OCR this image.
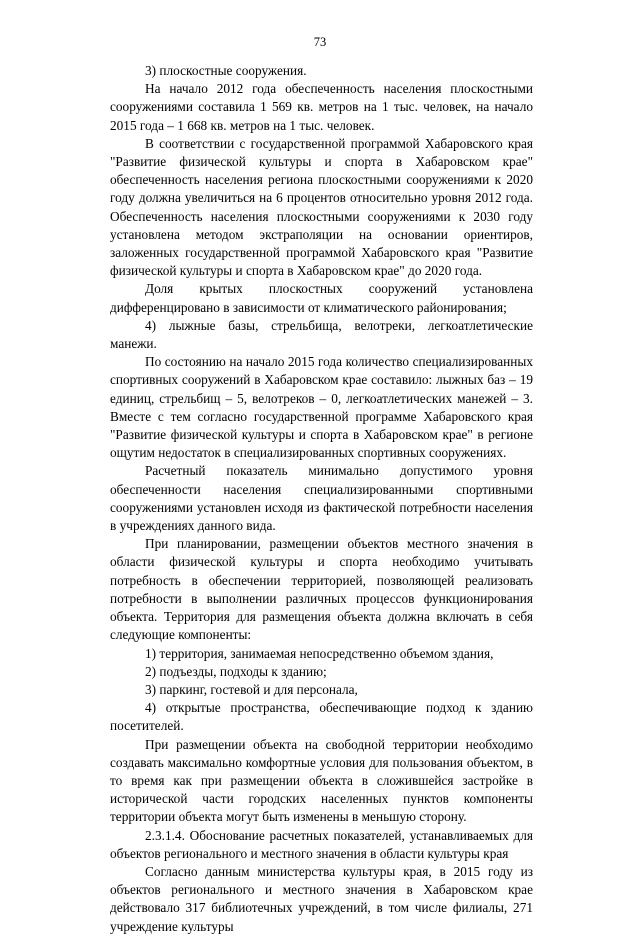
73

3) плоскостные сооружения.

На начало 2012 года обеспеченность населения плоскостными сооружениями составила 1 569 кв. метров на 1 тыс. человек, на начало 2015 года – 1 668 кв. метров на 1 тыс. человек.

В соответствии с государственной программой Хабаровского края "Развитие физической культуры и спорта в Хабаровском крае" обеспеченность населения региона плоскостными сооружениями к 2020 году должна увеличиться на 6 процентов относительно уровня 2012 года. Обеспеченность населения плоскостными сооружениями к 2030 году установлена методом экстраполяции на основании ориентиров, заложенных государственной программой Хабаровского края "Развитие физической культуры и спорта в Хабаровском крае" до 2020 года.

Доля крытых плоскостных сооружений установлена дифференцировано в зависимости от климатического районирования;

4) лыжные базы, стрельбища, велотреки, легкоатлетические манежи.

По состоянию на начало 2015 года количество специализированных спортивных сооружений в Хабаровском крае составило: лыжных баз – 19 единиц, стрельбищ – 5, велотреков – 0, легкоатлетических манежей – 3. Вместе с тем согласно государственной программе Хабаровского края "Развитие физической культуры и спорта в Хабаровском крае" в регионе ощутим недостаток в специализированных спортивных сооружениях.

Расчетный показатель минимально допустимого уровня обеспеченности населения специализированными спортивными сооружениями установлен исходя из фактической потребности населения в учреждениях данного вида.

При планировании, размещении объектов местного значения в области физической культуры и спорта необходимо учитывать потребность в обеспечении территорией, позволяющей реализовать потребности в выполнении различных процессов функционирования объекта. Территория для размещения объекта должна включать в себя следующие компоненты:

1) территория, занимаемая непосредственно объемом здания,

2) подъезды, подходы к зданию;

3) паркинг, гостевой и для персонала,

4) открытые пространства, обеспечивающие подход к зданию посетителей.

При размещении объекта на свободной территории необходимо создавать максимально комфортные условия для пользования объектом, в то время как при размещении объекта в сложившейся застройке в исторической части городских населенных пунктов компоненты территории объекта могут быть изменены в меньшую сторону.

2.3.1.4. Обоснование расчетных показателей, устанавливаемых для объектов регионального и местного значения в области культуры края

Согласно данным министерства культуры края, в 2015 году из объектов регионального и местного значения в Хабаровском крае действовало 317 библиотечных учреждений, в том числе филиалы, 271 учреждение культуры
